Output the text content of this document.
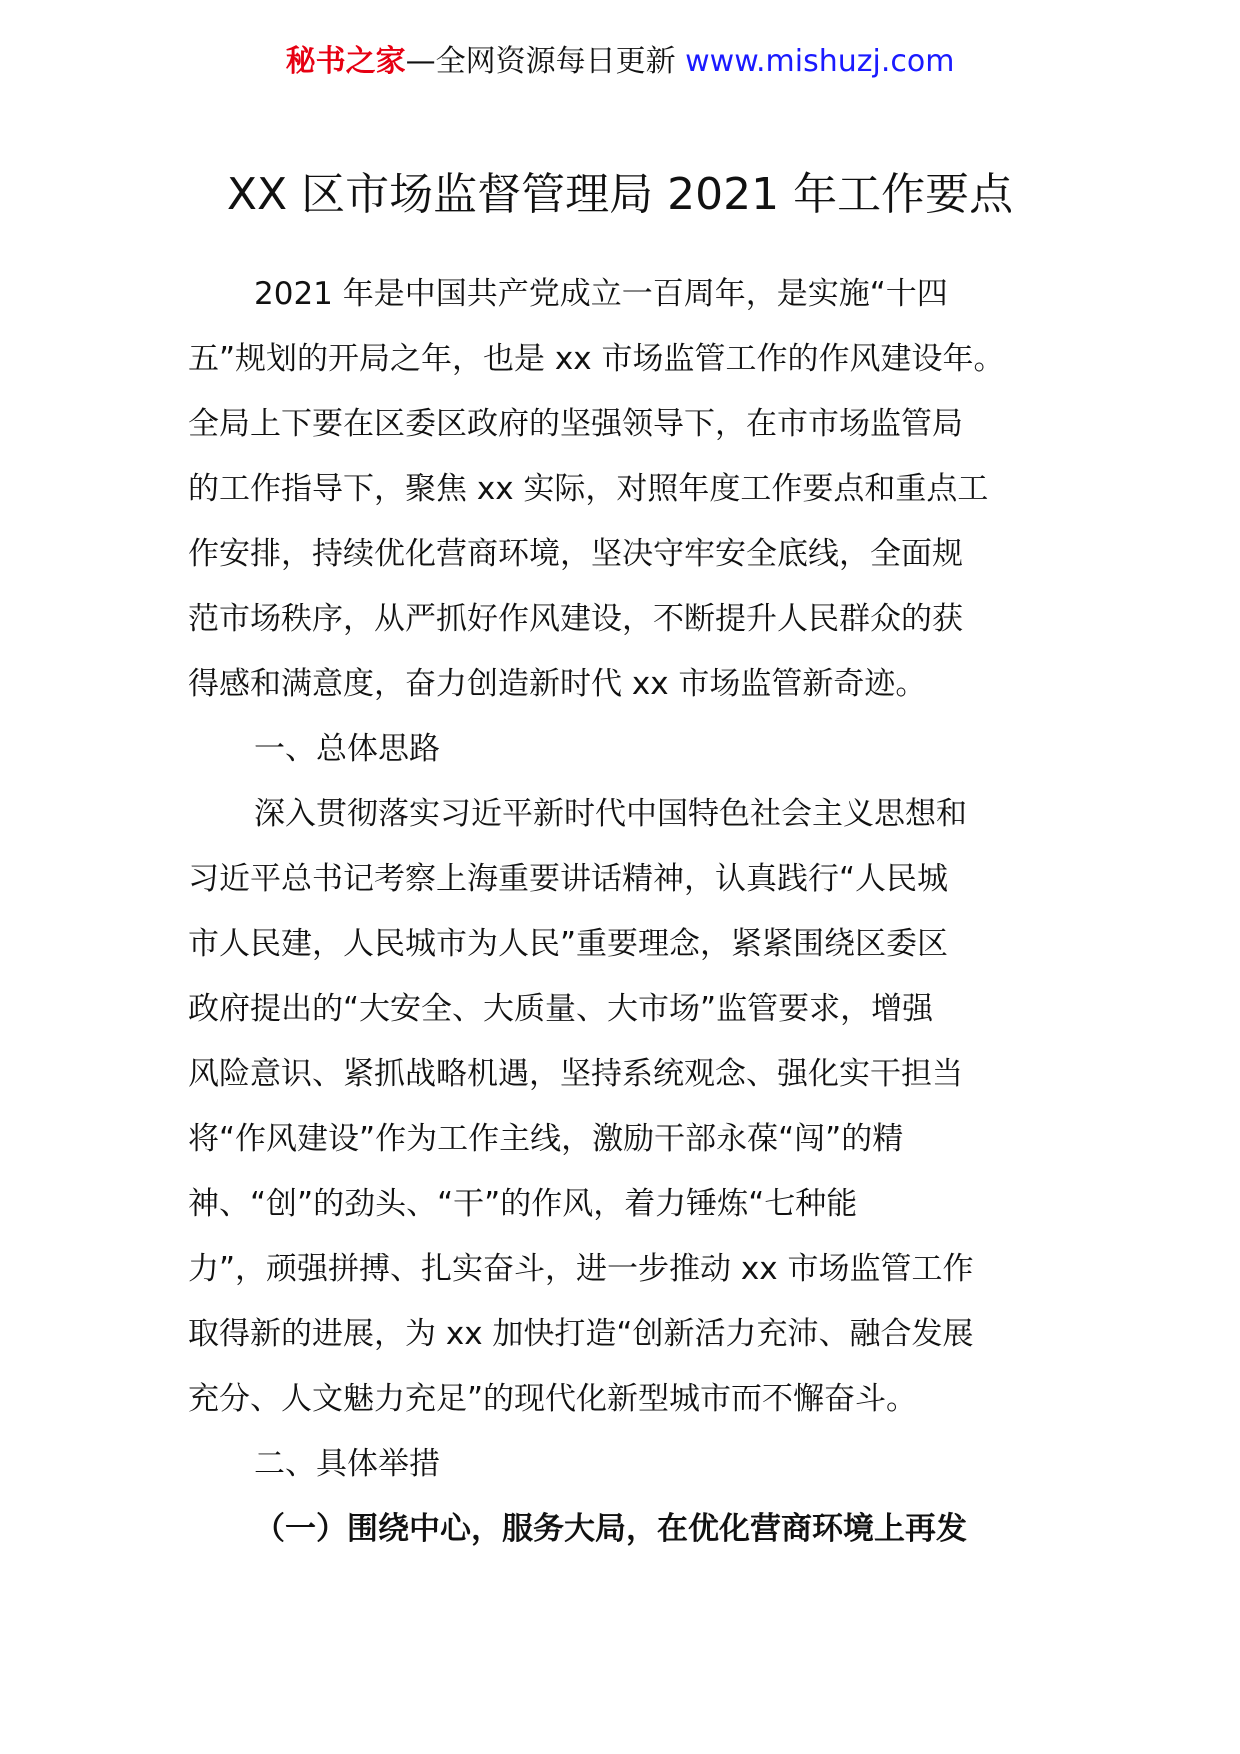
秘书之家—全网资源每日更新 www.mishuzj.com
XX 区市场监督管理局 2021 年工作要点
2021 年是中国共产党成立一百周年，是实施“十四
五”规划的开局之年，也是 xx 市场监管工作的作风建设年。
全局上下要在区委区政府的坚强领导下，在市市场监管局
的工作指导下，聚焦 xx 实际，对照年度工作要点和重点工
作安排，持续优化营商环境，坚决守牢安全底线，全面规
范市场秩序，从严抓好作风建设，不断提升人民群众的获
得感和满意度，奋力创造新时代 xx 市场监管新奇迹。
一、总体思路
深入贯彻落实习近平新时代中国特色社会主义思想和
习近平总书记考察上海重要讲话精神，认真践行“人民城
市人民建，人民城市为人民”重要理念，紧紧围绕区委区
政府提出的“大安全、大质量、大市场”监管要求，增强
风险意识、紧抓战略机遇，坚持系统观念、强化实干担当
将“作风建设”作为工作主线，激励干部永葆“闯”的精
神、“创”的劲头、“干”的作风，着力锤炼“七种能
力”，顽强拼搏、扎实奋斗，进一步推动 xx 市场监管工作
取得新的进展，为 xx 加快打造“创新活力充沛、融合发展
充分、人文魅力充足”的现代化新型城市而不懈奋斗。
二、具体举措
（一）围绕中心，服务大局，在优化营商环境上再发
